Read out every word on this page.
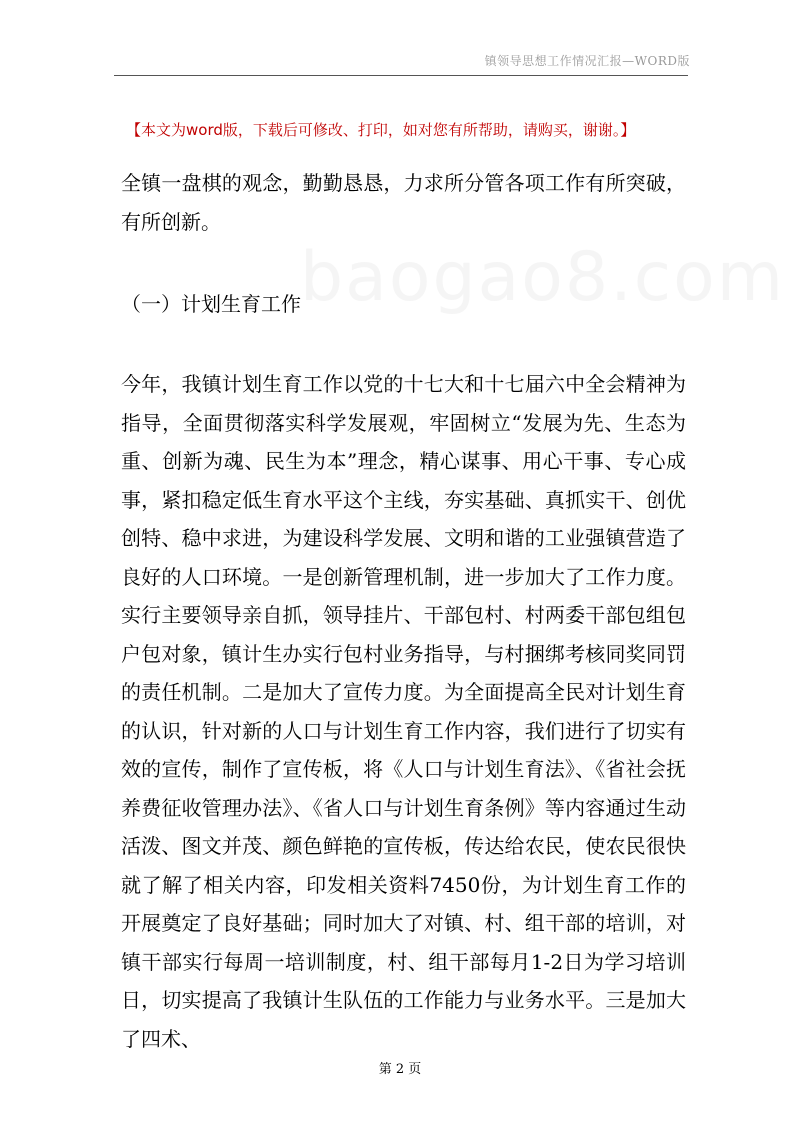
镇领导思想工作情况汇报—WORD版
baogao8.com
【本文为word版，下载后可修改、打印，如对您有所帮助，请购买，谢谢。】
全镇一盘棋的观念，勤勤恳恳，力求所分管各项工作有所突破，有所创新。
（一）计划生育工作
今年，我镇计划生育工作以党的十七大和十七届六中全会精神为指导，全面贯彻落实科学发展观，牢固树立“发展为先、生态为重、创新为魂、民生为本”理念，精心谋事、用心干事、专心成事，紧扣稳定低生育水平这个主线，夯实基础、真抓实干、创优创特、稳中求进，为建设科学发展、文明和谐的工业强镇营造了良好的人口环境。一是创新管理机制，进一步加大了工作力度。实行主要领导亲自抓，领导挂片、干部包村、村两委干部包组包户包对象，镇计生办实行包村业务指导，与村捆绑考核同奖同罚的责任机制。二是加大了宣传力度。为全面提高全民对计划生育的认识，针对新的人口与计划生育工作内容，我们进行了切实有效的宣传，制作了宣传板，将《人口与计划生育法》、《省社会抚养费征收管理办法》、《省人口与计划生育条例》等内容通过生动活泼、图文并茂、颜色鲜艳的宣传板，传达给农民，使农民很快就了解了相关内容，印发相关资料7450份，为计划生育工作的开展奠定了良好基础；同时加大了对镇、村、组干部的培训，对镇干部实行每周一培训制度，村、组干部每月1-2日为学习培训日，切实提高了我镇计生队伍的工作能力与业务水平。三是加大了四术、
第 2 页
